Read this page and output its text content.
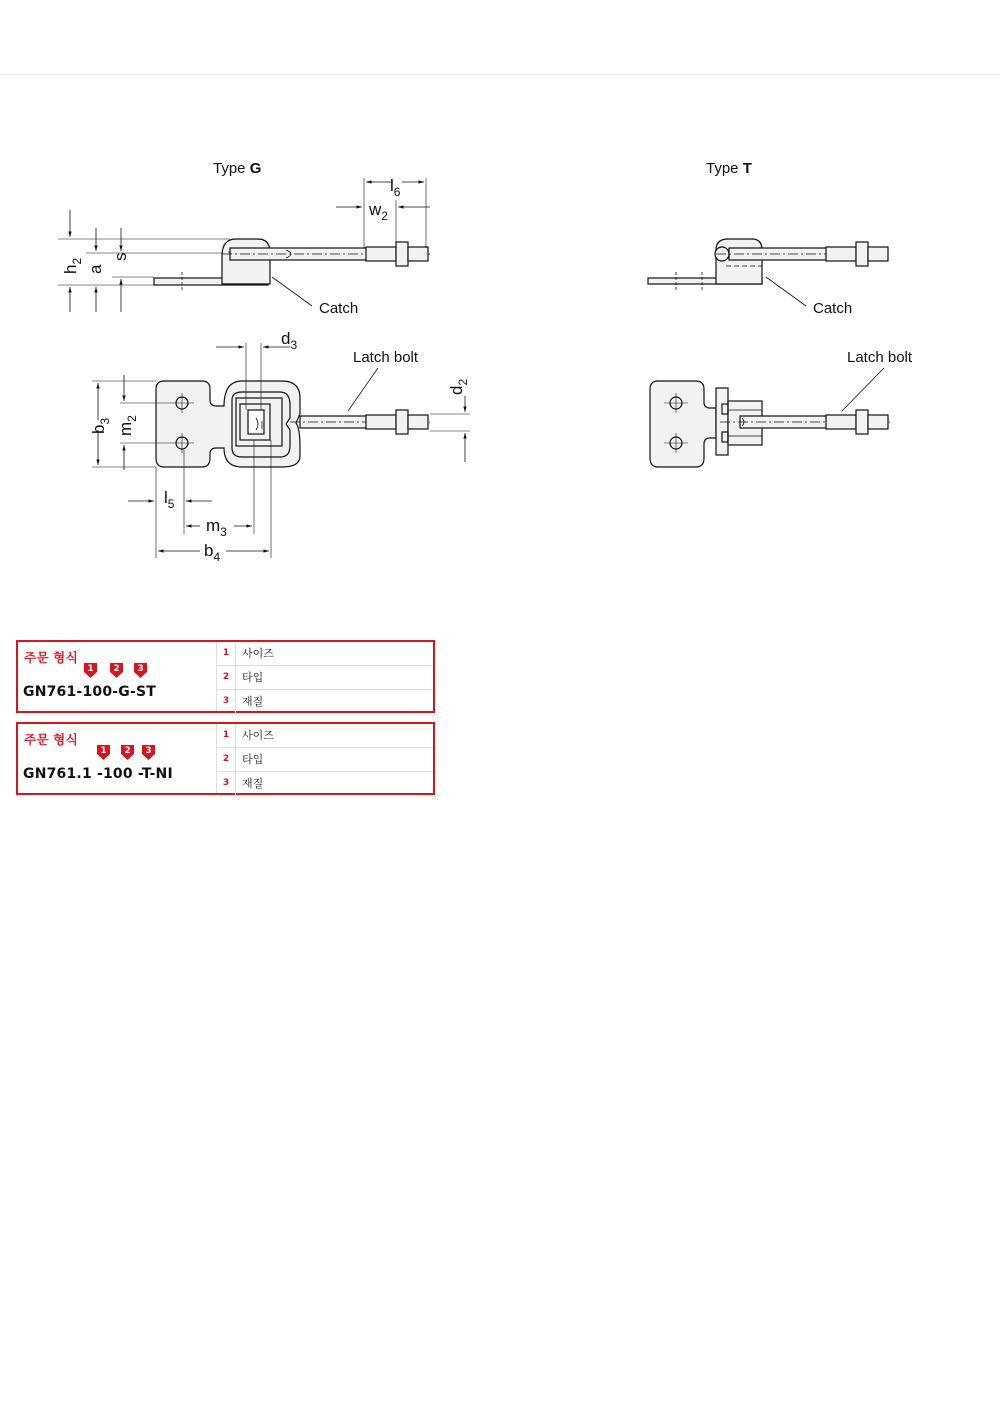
Type G	Type T
Catch	Catch
Latch bolt	Latch bolt
$l_6$
$w_2$
$d_3$
$l_5$
$m_3$
$b_4$
$h_2$
a
s
$b_3$
$m_2$
$d_2$
주문 형식
1	2	3
GN761-100-G-ST
1	사이즈
2	타입
3	재질
주문 형식
1	2	3
GN761.1 -100 -T-NI
1	사이즈
2	타입
3	재질
